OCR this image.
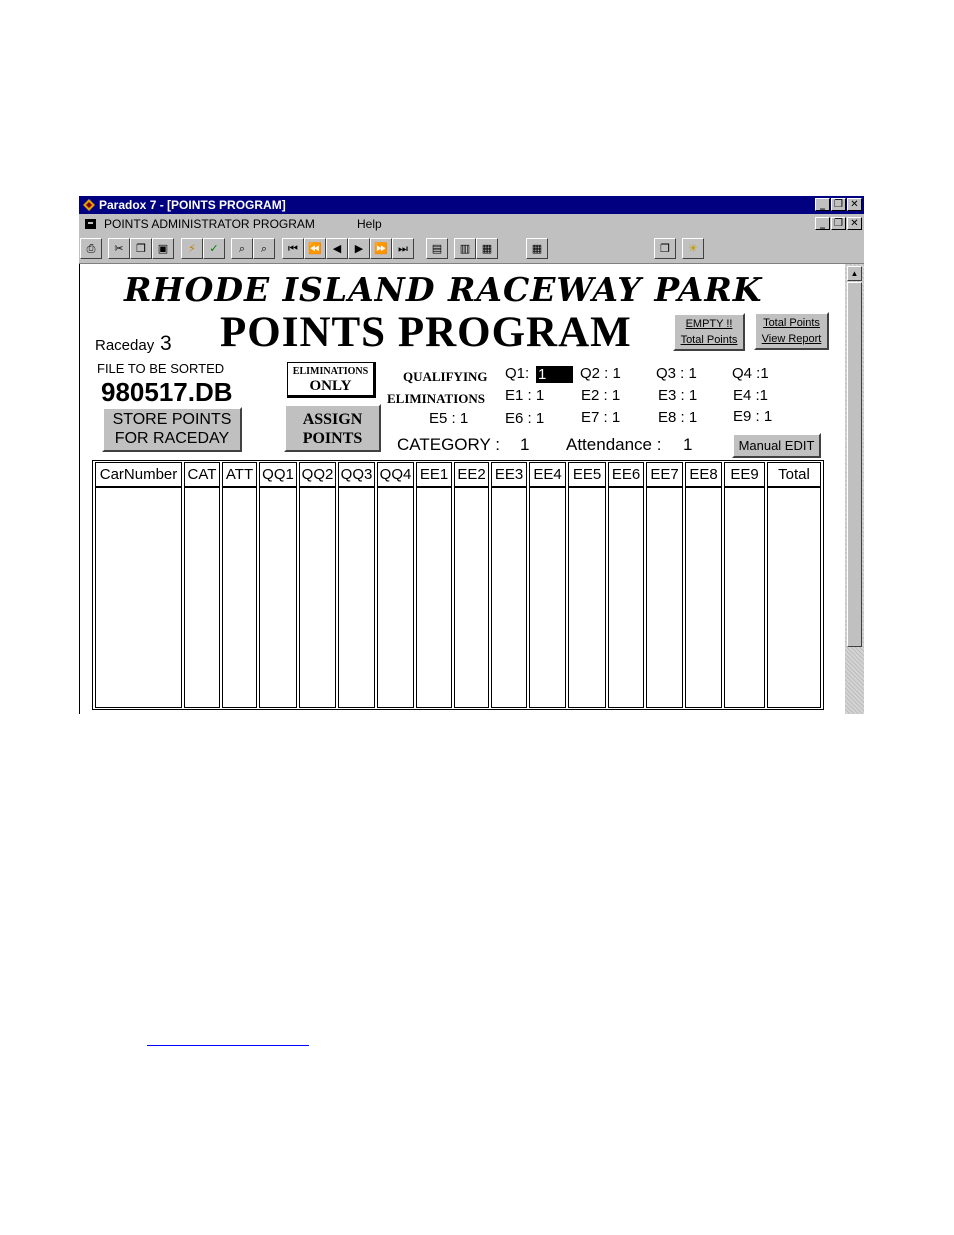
Paradox 7 - [POINTS PROGRAM]	_ ❐ ✕
POINTS ADMINISTRATOR PROGRAM	Help	_ ❐ ✕
⎙	✂	❐	▣	⚡	✓	⌕	⌕	⏮ ⏪ ◀	▶ ⏩ ⏭	▤	▥	▦	▦	❐	☀
▲
RHODE ISLAND RACEWAY PARK
POINTS PROGRAM
Raceday 3
FILE TO BE SORTED
980517.DB
STORE POINTS
FOR RACEDAY
ELIMINATIONS
ONLY
ASSIGN
POINTS
EMPTY !!
Total Points
Total Points
View Report
QUALIFYING
ELIMINATIONS
Q1: 1	Q2 : 1 Q3 : 1 Q4 :1
E1 : 1 E2 : 1	E3 : 1 E4 :1
E5 : 1 E6 : 1 E7 : 1	E8 : 1 E9 : 1
CATEGORY : 1 Attendance : 1	Manual EDIT
CarNumber CAT ATT QQ1 QQ2 QQ3 QQ4 EE1 EE2 EE3 EE4 EE5 EE6 EE7 EE8 EE9	Total
